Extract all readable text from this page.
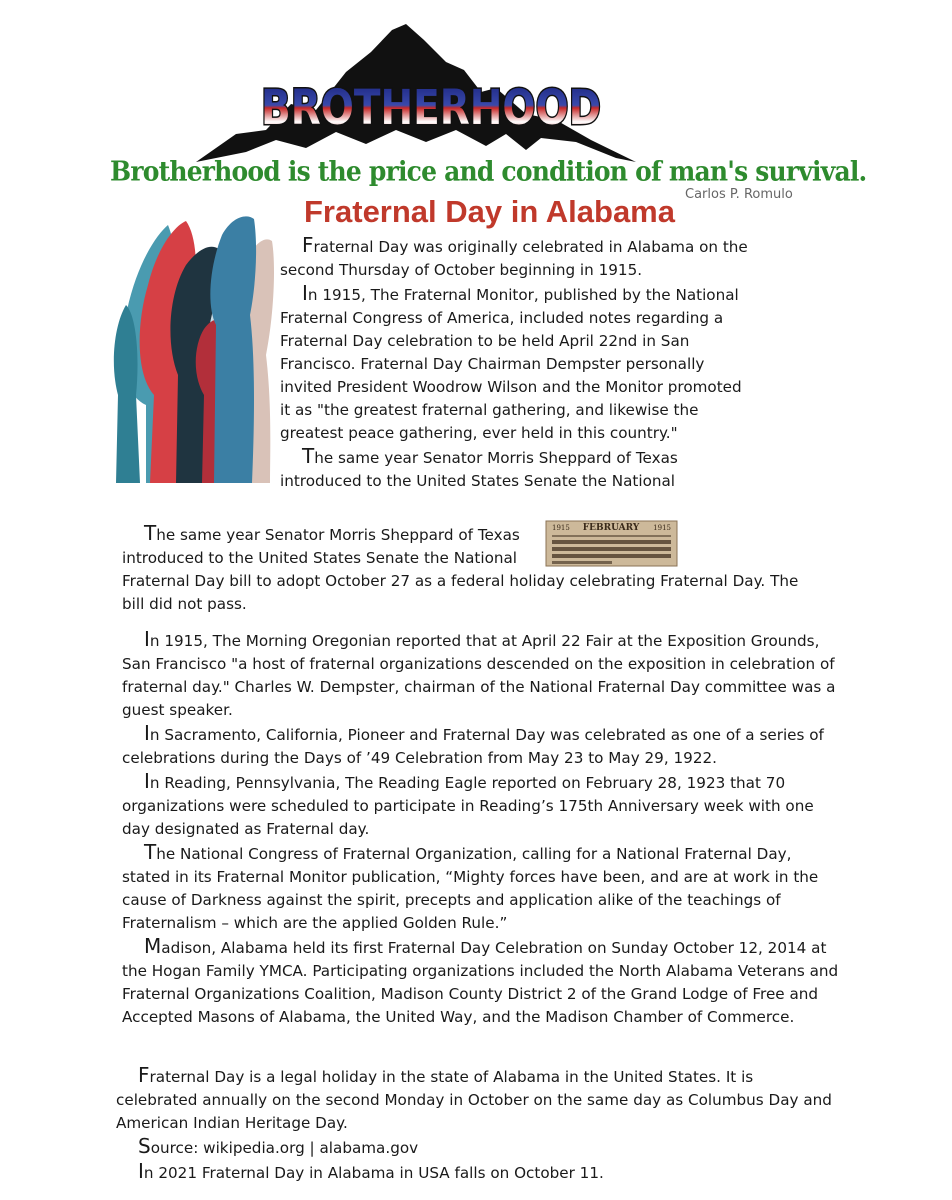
BROTHERHOOD
Brotherhood is the price and condition of man's survival.
Carlos P. Romulo
Fraternal Day in Alabama

Fraternal Day was originally celebrated in Alabama on the second Thursday of October beginning in 1915.

In 1915, The Fraternal Monitor, published by the National Fraternal Congress of America, included notes regarding a Fraternal Day celebration to be held April 22nd in San Francisco. Fraternal Day Chairman Dempster personally invited President Woodrow Wilson and the Monitor promoted it as "the greatest fraternal gathering, and likewise the greatest peace gathering, ever held in this country."

The same year Senator Morris Sheppard of Texas introduced to the United States Senate the National

1915 FEBRUARY 1915

The same year Senator Morris Sheppard of Texas
introduced to the United States Senate the National
Fraternal Day bill to adopt October 27 as a federal holiday celebrating Fraternal Day. The bill did not pass.

In 1915, The Morning Oregonian reported that at April 22 Fair at the Exposition Grounds, San Francisco "a host of fraternal organizations descended on the exposition in celebration of fraternal day." Charles W. Dempster, chairman of the National Fraternal Day committee was a guest speaker.

In Sacramento, California, Pioneer and Fraternal Day was celebrated as one of a series of celebrations during the Days of ’49 Celebration from May 23 to May 29, 1922.

In Reading, Pennsylvania, The Reading Eagle reported on February 28, 1923 that 70 organizations were scheduled to participate in Reading’s 175th Anniversary week with one day designated as Fraternal day.

The National Congress of Fraternal Organization, calling for a National Fraternal Day, stated in its Fraternal Monitor publication, “Mighty forces have been, and are at work in the cause of Darkness against the spirit, precepts and application alike of the teachings of Fraternalism – which are the applied Golden Rule.”

Madison, Alabama held its first Fraternal Day Celebration on Sunday October 12, 2014 at the Hogan Family YMCA. Participating organizations included the North Alabama Veterans and Fraternal Organizations Coalition, Madison County District 2 of the Grand Lodge of Free and Accepted Masons of Alabama, the United Way, and the Madison Chamber of Commerce.

Fraternal Day is a legal holiday in the state of Alabama in the United States. It is celebrated annually on the second Monday in October on the same day as Columbus Day and American Indian Heritage Day.

Source: wikipedia.org | alabama.gov

In 2021 Fraternal Day in Alabama in USA falls on October 11.
